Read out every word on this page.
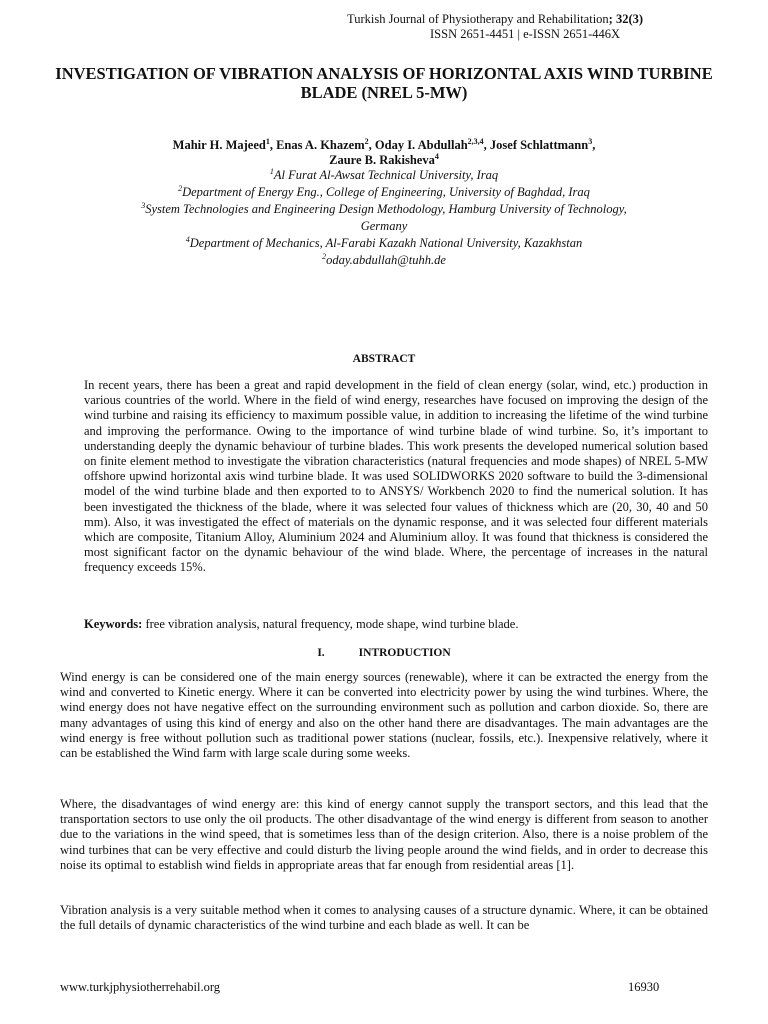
Turkish Journal of Physiotherapy and Rehabilitation; 32(3)
ISSN 2651-4451 | e-ISSN 2651-446X
INVESTIGATION OF VIBRATION ANALYSIS OF HORIZONTAL AXIS WIND TURBINE BLADE (NREL 5-MW)
Mahir H. Majeed$^1$, Enas A. Khazem$^2$, Oday I. Abdullah$^{2,3,4}$, Josef Schlattmann$^3$,
Zaure B. Rakisheva$^4$
$^1$Al Furat Al-Awsat Technical University, Iraq
$^2$Department of Energy Eng., College of Engineering, University of Baghdad, Iraq
$^3$System Technologies and Engineering Design Methodology, Hamburg University of Technology,
Germany
$^4$Department of Mechanics, Al-Farabi Kazakh National University, Kazakhstan
$^2$oday.abdullah@tuhh.de
ABSTRACT
In recent years, there has been a great and rapid development in the field of clean energy (solar, wind, etc.) production in various countries of the world. Where in the field of wind energy, researches have focused on improving the design of the wind turbine and raising its efficiency to maximum possible value, in addition to increasing the lifetime of the wind turbine and improving the performance. Owing to the importance of wind turbine blade of wind turbine. So, it’s important to understanding deeply the dynamic behaviour of turbine blades. This work presents the developed numerical solution based on finite element method to investigate the vibration characteristics (natural frequencies and mode shapes) of NREL 5-MW offshore upwind horizontal axis wind turbine blade. It was used SOLIDWORKS 2020 software to build the 3-dimensional model of the wind turbine blade and then exported to to ANSYS/ Workbench 2020 to find the numerical solution. It has been investigated the thickness of the blade, where it was selected four values of thickness which are (20, 30, 40 and 50 mm). Also, it was investigated the effect of materials on the dynamic response, and it was selected four different materials which are composite, Titanium Alloy, Aluminium 2024 and Aluminium alloy. It was found that thickness is considered the most significant factor on the dynamic behaviour of the wind blade. Where, the percentage of increases in the natural frequency exceeds 15%.
Keywords: free vibration analysis, natural frequency, mode shape, wind turbine blade.
I.	INTRODUCTION
Wind energy is can be considered one of the main energy sources (renewable), where it can be extracted the energy from the wind and converted to Kinetic energy. Where it can be converted into electricity power by using the wind turbines. Where, the wind energy does not have negative effect on the surrounding environment such as pollution and carbon dioxide. So, there are many advantages of using this kind of energy and also on the other hand there are disadvantages. The main advantages are the wind energy is free without pollution such as traditional power stations (nuclear, fossils, etc.). Inexpensive relatively, where it can be established the Wind farm with large scale during some weeks.
Where, the disadvantages of wind energy are: this kind of energy cannot supply the transport sectors, and this lead that the transportation sectors to use only the oil products. The other disadvantage of the wind energy is different from season to another due to the variations in the wind speed, that is sometimes less than of the design criterion. Also, there is a noise problem of the wind turbines that can be very effective and could disturb the living people around the wind fields, and in order to decrease this noise its optimal to establish wind fields in appropriate areas that far enough from residential areas [1].
Vibration analysis is a very suitable method when it comes to analysing causes of a structure dynamic. Where, it can be obtained the full details of dynamic characteristics of the wind turbine and each blade as well. It can be
www.turkjphysiotherrehabil.org	16930
